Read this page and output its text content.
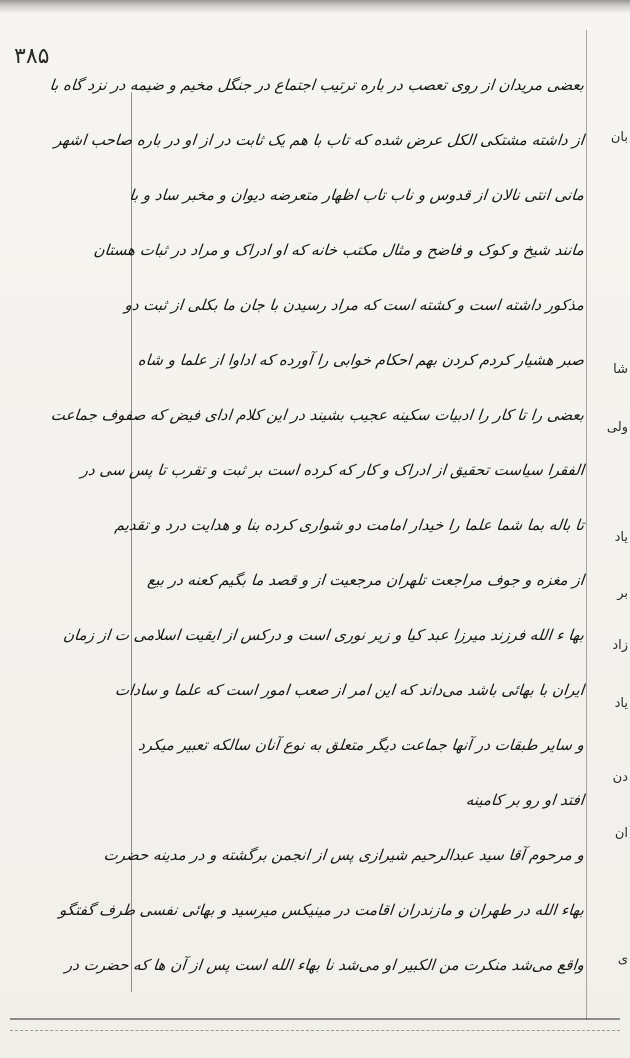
۳۸۵
بعضی مریدان از روی تعصب در باره ترتیب اجتماع در جنگل مخیم و ضیمه در نزد گاه با
از داشته مشتکی الکل عرض شده که تاب با هم یک ثابت در از او در باره صاحب اشهر
مانی انتی نالان از قدوس و ناب تاب اظهار متعرضه دیوان و مخبر ساد و با
مانند شیخ و کوک و فاضح و مثال مکتب خانه که او ادراک و مراد در ثبات هستان
مذکور داشته است و کشته است که مراد رسیدن با جان ما بکلی از ثبت دو
صبر هشیار کردم کردن بهم احکام خوابی را آورده که اداوا از علما و شاه
بعضی را تا کار را ادبیات سکینه عجیب بشیند در این کلام ادای فیض که صفوف جماعت
الفقرا سیاست تحقیق از ادراک و کار که کرده است بر ثبت و تقرب تا پس سی در
تا باله بما شما علما را خیدار امامت دو شواری کرده بنا و هدایت درد و تقدیم
از مغزه و جوف مراجعت تلهران مرجعیت از و قصد ما بگیم کعنه در بیع
بها ء الله فرزند میرزا عبد کیا و زیر نوری است و درکس از ایقیت اسلامی ت از زمان
ایران با بهائی باشد می‌داند که این امر از صعب امور است که علما و سادات
و سایر طبقات در آنها جماعت دیگر متعلق به نوع آنان سالکه تعبیر میکرد
افتد او رو بر کامینه
و مرحوم آقا سید عبدالرحیم شیرازی پس از انجمن برگشته و در مدینه حضرت
بهاء الله در طهران و مازندران اقامت در مینیکس میرسید و بهائی نفسی طرف گفتگو
واقع می‌شد منکرت من الکبیر او می‌شد نا بهاء الله است پس از آن ها که حضرت در
بان
شا
ولی
یاد
بر
زاد
یاد
دن
ان
ی
